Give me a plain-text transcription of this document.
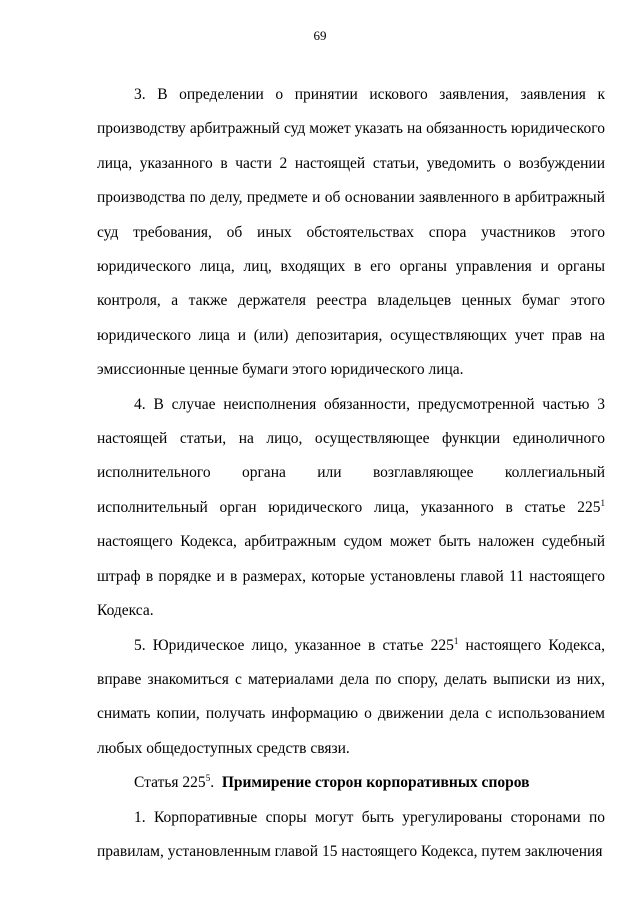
69

3. В определении о принятии искового заявления, заявления к производству арбитражный суд может указать на обязанность юридического лица, указанного в части 2 настоящей статьи, уведомить о возбуждении производства по делу, предмете и об основании заявленного в арбитражный суд требования, об иных обстоятельствах спора участников этого юридического лица, лиц, входящих в его органы управления и органы контроля, а также держателя реестра владельцев ценных бумаг этого юридического лица и (или) депозитария, осуществляющих учет прав на эмиссионные ценные бумаги этого юридического лица.

4. В случае неисполнения обязанности, предусмотренной частью 3 настоящей статьи, на лицо, осуществляющее функции единоличного исполнительного органа или возглавляющее коллегиальный исполнительный орган юридического лица, указанного в статье $225^1$ настоящего Кодекса, арбитражным судом может быть наложен судебный штраф в порядке и в размерах, которые установлены главой 11 настоящего Кодекса.

5. Юридическое лицо, указанное в статье $225^1$ настоящего Кодекса, вправе знакомиться с материалами дела по спору, делать выписки из них, снимать копии, получать информацию о движении дела с использованием любых общедоступных средств связи.

Статья $225^5$. Примирение сторон корпоративных споров

1. Корпоративные споры могут быть урегулированы сторонами по правилам, установленным главой 15 настоящего Кодекса, путем заключения
